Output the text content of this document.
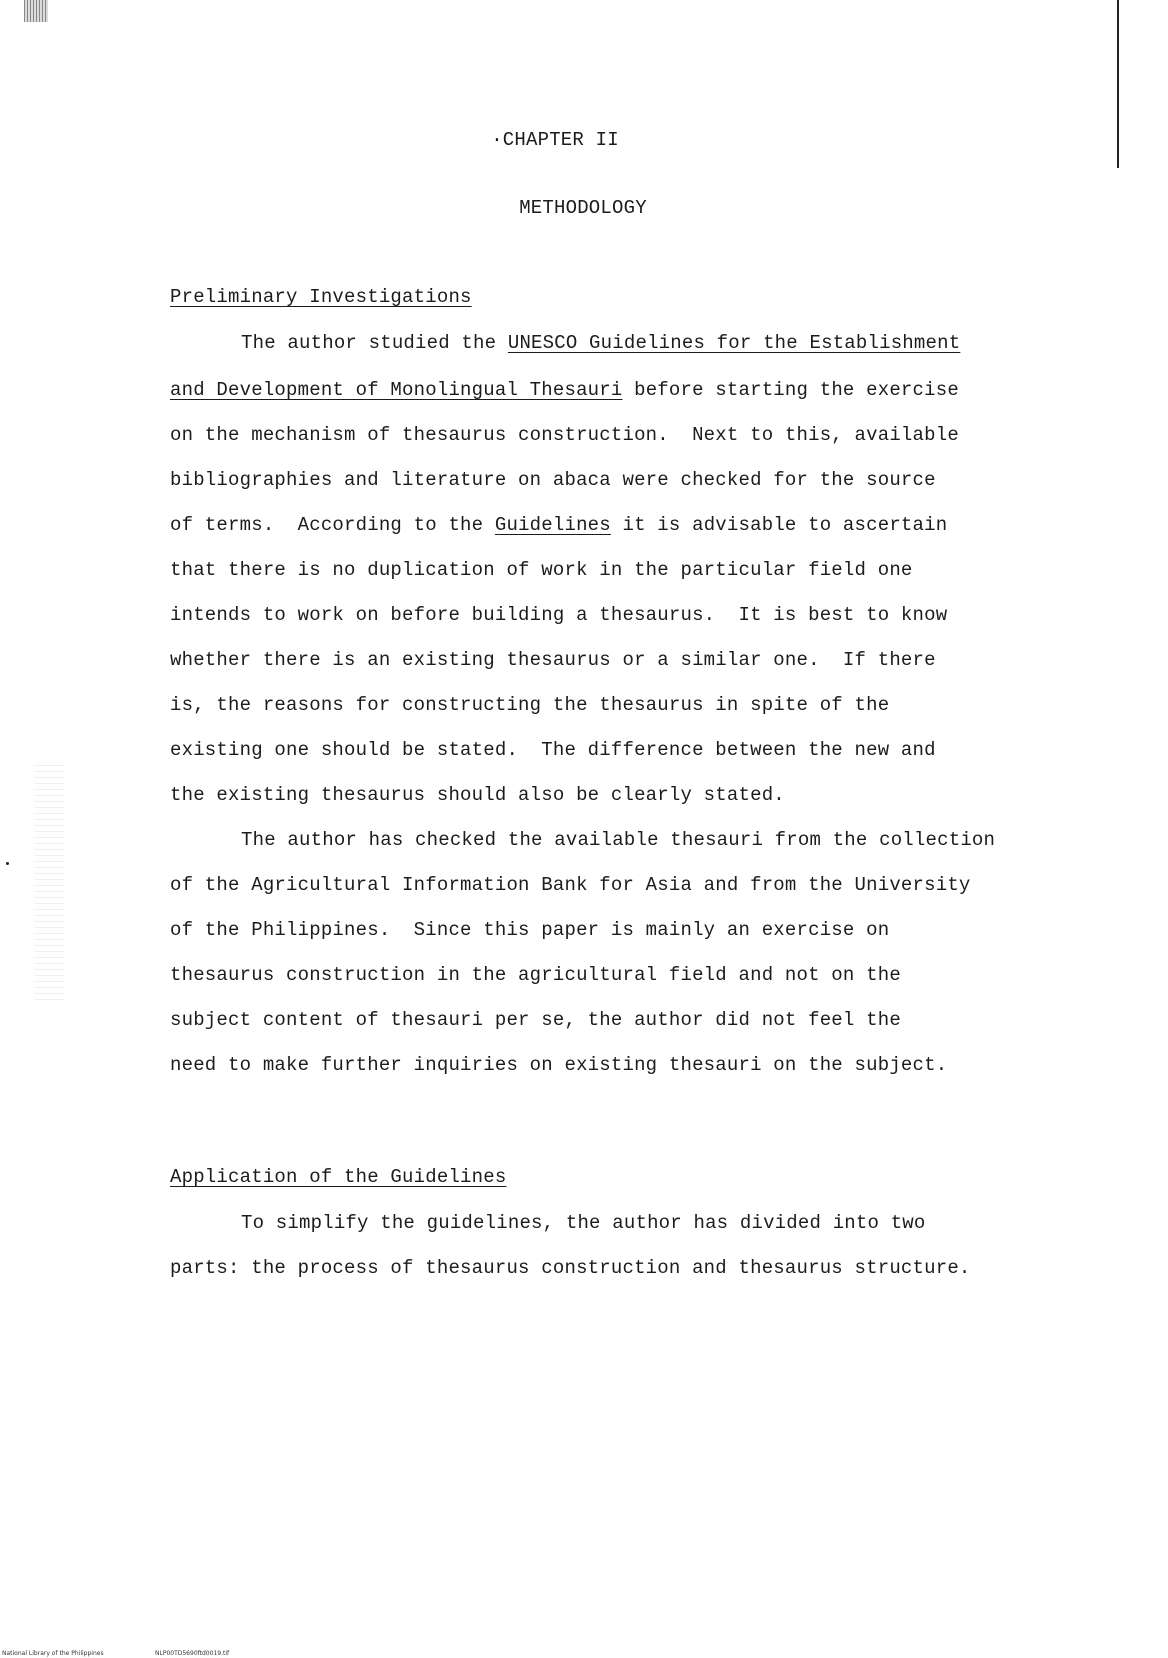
·CHAPTER II
METHODOLOGY
Preliminary Investigations
The author studied the UNESCO Guidelines for the Establishment
and Development of Monolingual Thesauri before starting the exercise
on the mechanism of thesaurus construction.  Next to this, available
bibliographies and literature on abaca were checked for the source
of terms.  According to the Guidelines it is advisable to ascertain
that there is no duplication of work in the particular field one
intends to work on before building a thesaurus.  It is best to know
whether there is an existing thesaurus or a similar one.  If there
is, the reasons for constructing the thesaurus in spite of the
existing one should be stated.  The difference between the new and
the existing thesaurus should also be clearly stated.
The author has checked the available thesauri from the collection
of the Agricultural Information Bank for Asia and from the University
of the Philippines.  Since this paper is mainly an exercise on
thesaurus construction in the agricultural field and not on the
subject content of thesauri per se, the author did not feel the
need to make further inquiries on existing thesauri on the subject.
Application of the Guidelines
To simplify the guidelines, the author has divided into two
parts: the process of thesaurus construction and thesaurus structure.
National Library of the Philippines	NLP00TD5690ftd0019.tif
